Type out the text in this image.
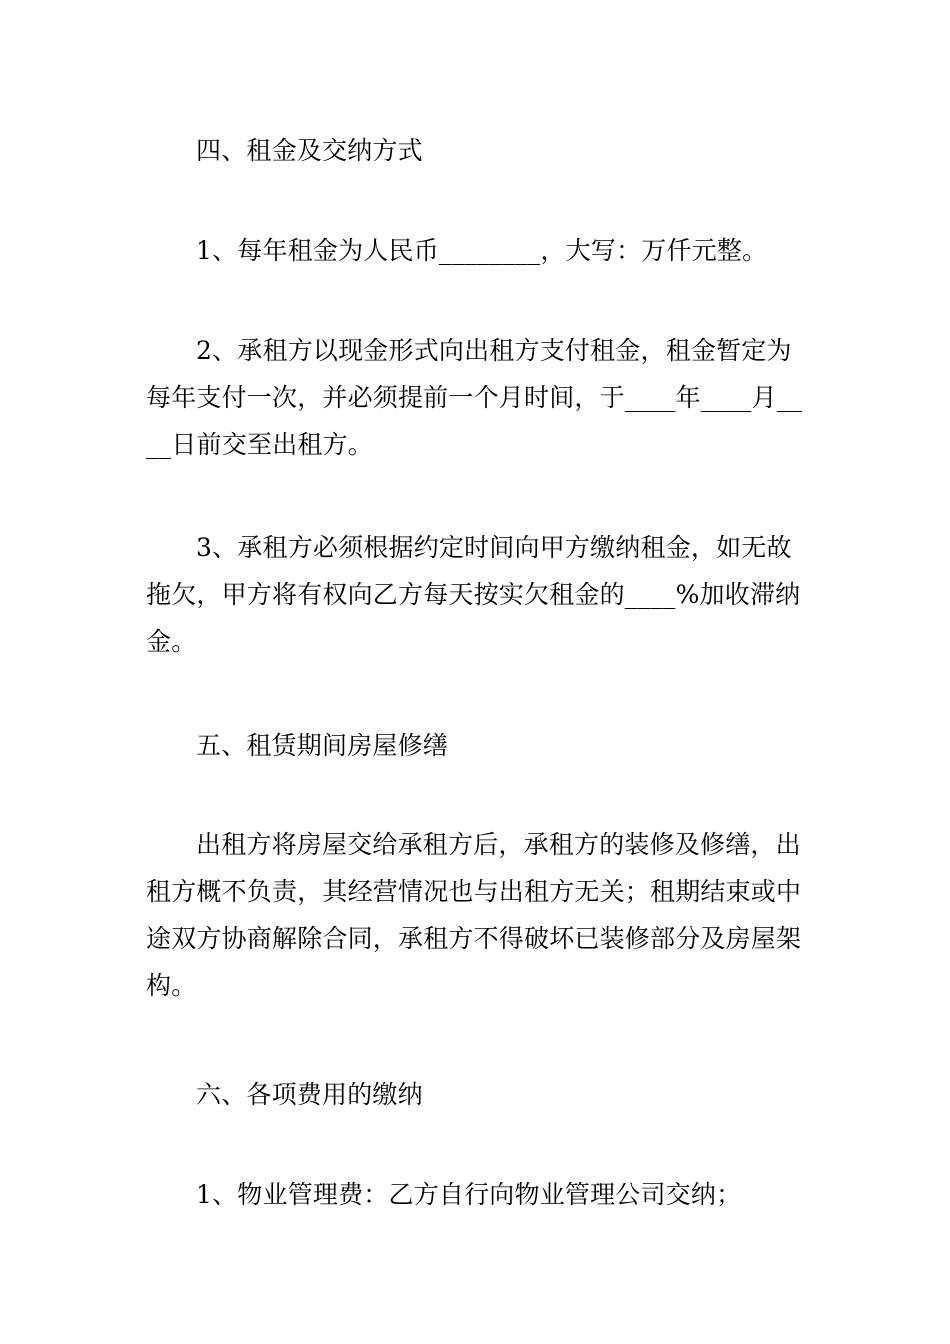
四、租金及交纳方式

1、每年租金为人民币________，大写：万仟元整。

2、承租方以现金形式向出租方支付租金，租金暂定为每年支付一次，并必须提前一个月时间，于____年____月____日前交至出租方。

3、承租方必须根据约定时间向甲方缴纳租金，如无故拖欠，甲方将有权向乙方每天按实欠租金的____%加收滞纳金。

五、租赁期间房屋修缮

出租方将房屋交给承租方后，承租方的装修及修缮，出租方概不负责，其经营情况也与出租方无关；租期结束或中途双方协商解除合同，承租方不得破坏已装修部分及房屋架构。

六、各项费用的缴纳

1、物业管理费：乙方自行向物业管理公司交纳；
